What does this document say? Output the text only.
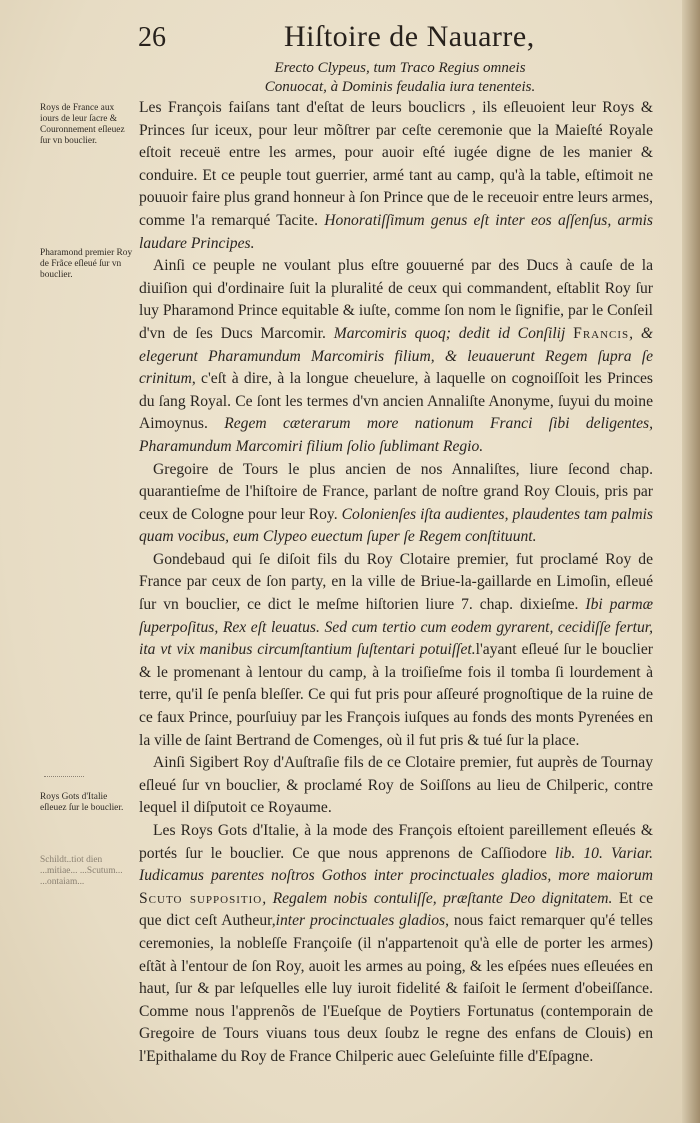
26	Hiſtoire de Nauarre,
Erecto Clypeus, tum Traco Regius omneis
Conuocat, à Dominis feudalia iura tenenteis.
Roys de France aux iours de leur ſacre & Couronnement eſleuez ſur vn bouclier.
Pharamond premier Roy de Frãce eſleué ſur vn bouclier.
Roys Gots d'Italie eſleuez ſur le bouclier.
Schildt..tiot dien ...mitiae... ...Scutum... ...ontaiam...

Les François faiſans tant d'eſtat de leurs bouclicrs , ils eſleuoient leur Roys & Princes ſur iceux, pour leur mõſtrer par ceſte ceremonie que la Maieſté Royale eſtoit receuë entre les armes, pour auoir eſté iugée digne de les manier & conduire. Et ce peuple tout guerrier, armé tant au camp, qu'à la table, eſtimoit ne pouuoir faire plus grand honneur à ſon Prince que de le receuoir entre leurs armes, comme l'a remarqué Tacite. Honoratiſſimum genus eſt inter eos aſſenſus, armis laudare Principes.

Ainſi ce peuple ne voulant plus eſtre gouuerné par des Ducs à cauſe de la diuiſion qui d'ordinaire ſuit la pluralité de ceux qui commandent, eſtablit Roy ſur luy Pharamond Prince equitable & iuſte, comme ſon nom le ſignifie, par le Conſeil d'vn de ſes Ducs Marcomir. Marcomiris quoq; dedit id Conſilij Francis, & elegerunt Pharamundum Marcomiris filium, & leuauerunt Regem ſupra ſe crinitum, c'eſt à dire, à la longue cheuelure, à laquelle on cognoiſſoit les Princes du ſang Royal. Ce ſont les termes d'vn ancien Annaliſte Anonyme, ſuyui du moine Aimoynus. Regem cæterarum more nationum Franci ſibi deligentes, Pharamundum Marcomiri filium ſolio ſublimant Regio.

Gregoire de Tours le plus ancien de nos Annaliſtes, liure ſecond chap. quarantieſme de l'hiſtoire de France, parlant de noſtre grand Roy Clouis, pris par ceux de Cologne pour leur Roy. Colonienſes iſta audientes, plaudentes tam palmis quam vocibus, eum Clypeo euectum ſuper ſe Regem conſtituunt.

Gondebaud qui ſe diſoit fils du Roy Clotaire premier, fut proclamé Roy de France par ceux de ſon party, en la ville de Briue-la-gaillarde en Limoſin, eſleué ſur vn bouclier, ce dict le meſme hiſtorien liure 7. chap. dixieſme. Ibi parmæ ſuperpoſitus, Rex eſt leuatus. Sed cum tertio cum eodem gyrarent, cecidiſſe fertur, ita vt vix manibus circumſtantium ſuſtentari potuiſſet.l'ayant eſleué ſur le bouclier & le promenant à lentour du camp, à la troiſieſme fois il tomba ſi lourdement à terre, qu'il ſe penſa bleſſer. Ce qui fut pris pour aſſeuré prognoſtique de la ruine de ce faux Prince, pourſuiuy par les François iuſques au fonds des monts Pyrenées en la ville de ſaint Bertrand de Comenges, où il fut pris & tué ſur la place.

Ainſi Sigibert Roy d'Auſtraſie fils de ce Clotaire premier, fut auprès de Tournay eſleué ſur vn bouclier, & proclamé Roy de Soiſſons au lieu de Chilperic, contre lequel il diſputoit ce Royaume.

Les Roys Gots d'Italie, à la mode des François eſtoient pareillement eſleués & portés ſur le bouclier. Ce que nous apprenons de Caſſiodore lib. 10. Variar. Iudicamus parentes noſtros Gothos inter procinctuales gladios, more maiorum Scuto suppositio, Regalem nobis contuliſſe, præſtante Deo dignitatem. Et ce que dict ceſt Autheur,inter procinctuales gladios, nous faict remarquer qu'é telles ceremonies, la nobleſſe Françoiſe (il n'appartenoit qu'à elle de porter les armes) eſtãt à l'entour de ſon Roy, auoit les armes au poing, & les eſpées nues eſleuées en haut, ſur & par leſquelles elle luy iuroit fidelité & faiſoit le ſerment d'obeiſſance. Comme nous l'apprenõs de l'Eueſque de Poytiers Fortunatus (contemporain de Gregoire de Tours viuans tous deux ſoubz le regne des enfans de Clouis) en l'Epithalame du Roy de France Chilperic auec Geleſuinte fille d'Eſpagne.
